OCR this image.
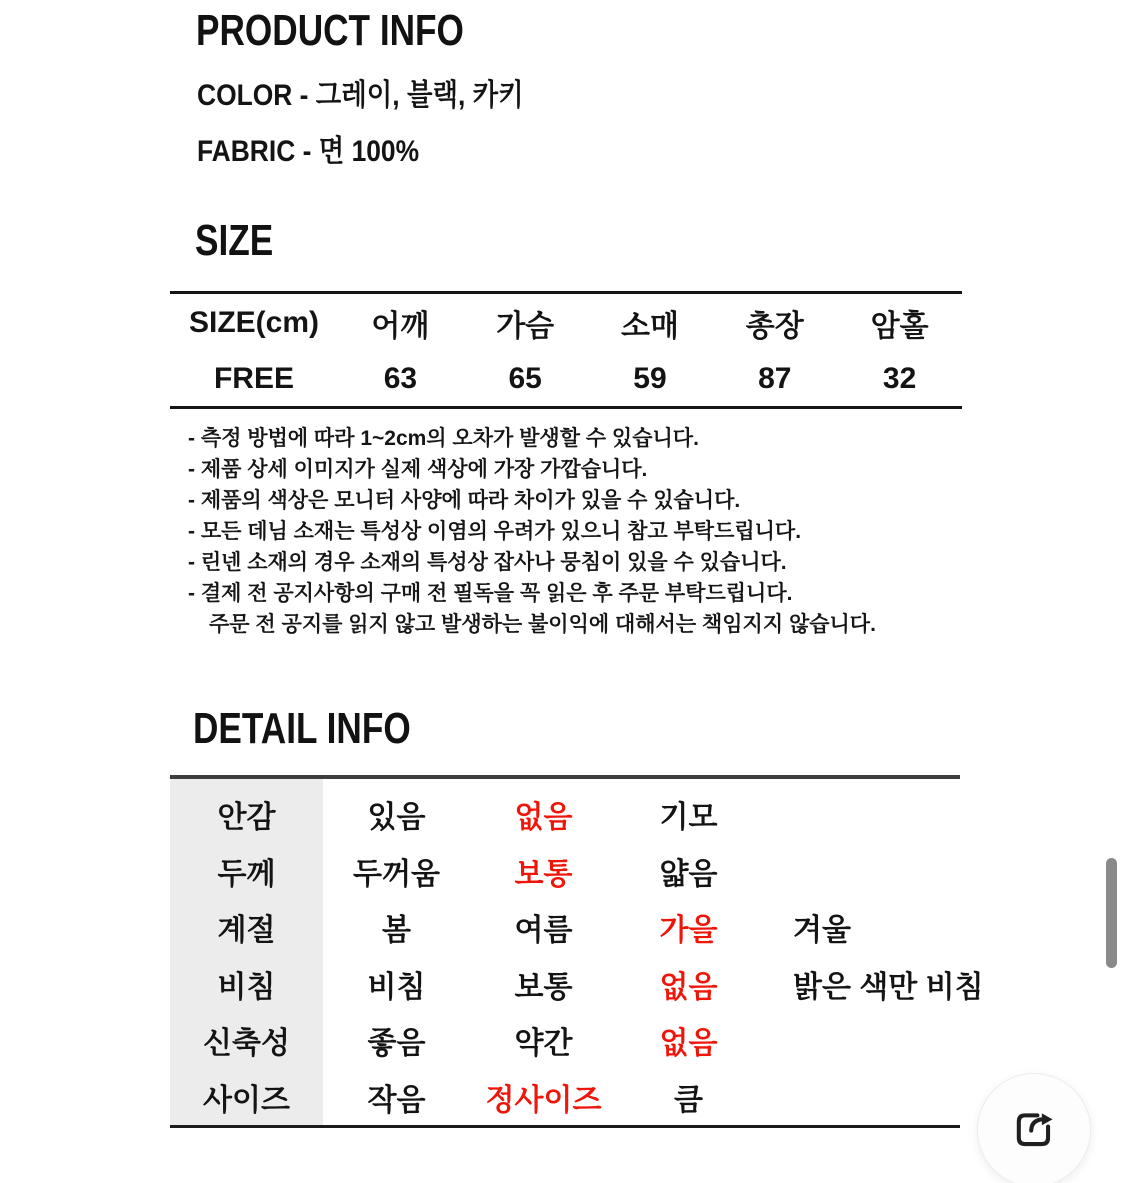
PRODUCT INFO
COLOR - 그레이, 블랙, 카키
FABRIC - 면 100%
SIZE
SIZE(cm)	어깨	가슴	소매	총장	암홀
FREE	63	65	59	87	32
- 측정 방법에 따라 1~2cm의 오차가 발생할 수 있습니다.
- 제품 상세 이미지가 실제 색상에 가장 가깝습니다.
- 제품의 색상은 모니터 사양에 따라 차이가 있을 수 있습니다.
- 모든 데님 소재는 특성상 이염의 우려가 있으니 참고 부탁드립니다.
- 린넨 소재의 경우 소재의 특성상 잡사나 뭉침이 있을 수 있습니다.
- 결제 전 공지사항의 구매 전 필독을 꼭 읽은 후 주문 부탁드립니다.
주문 전 공지를 읽지 않고 발생하는 불이익에 대해서는 책임지지 않습니다.
DETAIL INFO
안감	있음	없음	기모
두께	두꺼움	보통	얇음
계절	봄	여름	가을	겨울
비침	비침	보통	없음	밝은 색만 비침
신축성	좋음	약간	없음
사이즈	작음	정사이즈	큼
